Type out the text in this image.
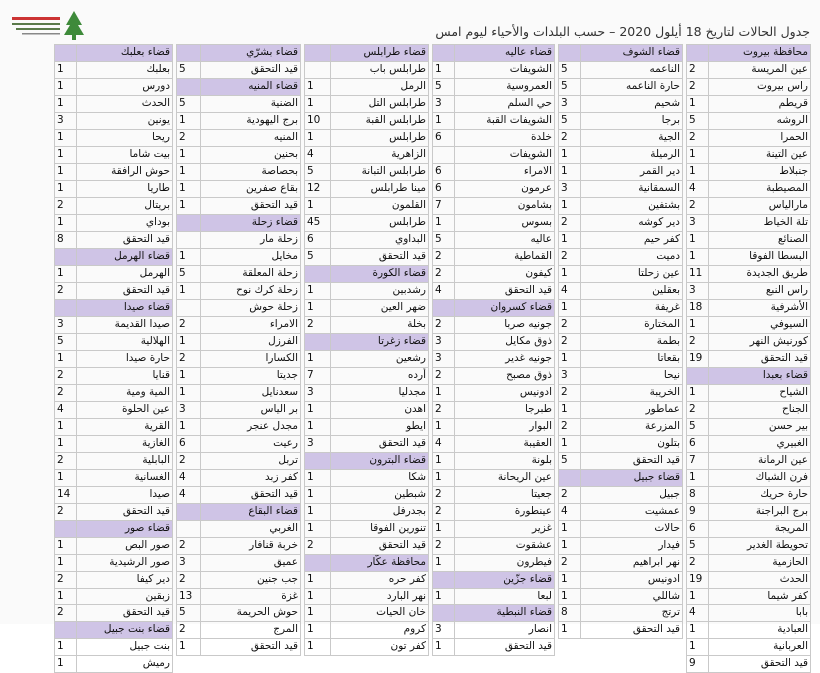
جدول الحالات لتاريخ 18 أيلول 2020 – حسب البلدات والأحياء ليوم امس
	محافظة بيروت
2	عين المريسة
2	راس بيروت
1	قريطم
5	الروشه
2	الحمرا
1	عين التينة
1	جنبلاط
4	المصيطبة
2	مارالياس
3	تلة الخياط
1	الصنائع
1	البسطا الفوقا
11	طريق الجديدة
3	راس النبع
18	الأشرفية
1	السيوفي
2	كورنيش النهر
19	قيد التحقق
	قضاء بعبدا
1	الشياح
2	الجناح
5	بير حسن
6	الغبيري
7	عين الرمانة
1	فرن الشباك
8	حارة حريك
9	برج البراجنة
6	المريجة
5	تحويطة الغدير
2	الحازمية
19	الحدث
1	كفر شيما
4	بابا
1	العبادية
1	العربانية
9	قيد التحقق
	قضاء الشوف
5	الناعمه
5	حارة الناعمه
3	شحيم
5	برجا
2	الجية
1	الرميلة
1	دير القمر
3	السمقانية
1	بشتفين
2	دير كوشه
1	كفر حيم
2	دميت
1	عين زحلتا
4	بعقلين
1	غريفة
2	المختارة
2	بطمة
1	بقعاتا
3	نيحا
2	الخريبة
1	عماطور
2	المزرعة
1	بتلون
5	قيد التحقق
	قضاء جبيل
2	جبيل
4	عمشيت
1	حالات
1	فيدار
2	نهر ابراهيم
1	ادونيس
1	شاللي
8	ترتج
1	قيد التحقق
	قضاء عاليه
1	الشويفات
5	العمروسية
3	حي السلم
1	الشويفات القبة
6	خلدة
	الشويفات
6	الامراء
6	عرمون
7	بشامون
1	بسوس
5	عاليه
2	القماطية
2	كيفون
4	قيد التحقق
	قضاء كسروان
2	جونيه صربا
3	ذوق مكايل
3	جونيه غدير
2	ذوق مصبح
1	ادونيس
2	طبرجا
1	البوار
4	العقيبة
1	بلونة
1	عين الريحانة
2	جعيتا
2	عينطورة
1	غزير
2	عشقوت
1	فيطرون
	قضاء جزّين
1	لبعا
	قضاء النبطية
3	انصار
1	قيد التحقق
	قضاء طرابلس
	طرابلس باب
1	الرمل
1	طرابلس التل
10	طرابلس القبة
1	طرابلس
4	الزاهرية
5	طرابلس التبانة
12	مينا طرابلس
1	القلمون
45	طرابلس
6	البداوي
5	قيد التحقق
	قضاء الكورة
1	رشدبين
1	ضهر العين
2	بخلة
	قضاء زغرتا
1	رشعين
7	أرده
3	مجدليا
1	اهدن
1	ايطو
3	قيد التحقق
	قضاء البترون
1	شكا
1	شبطين
1	بجدرفل
1	تنورين الفوقا
2	قيد التحقق
	محافظة عكّار
1	كفر حره
1	نهر البارد
1	خان الحيات
1	كروم
1	كفر تون
	قضاء بشرّي
5	قيد التحقق
	قضاء المنيه
5	الضنية
1	برج اليهودية
2	المنيه
1	بحنين
1	بحصاصة
1	بقاع صفرين
1	قيد التحقق
	قضاء زحلة
	زحلة مار
1	مخايل
5	زحلة المعلقة
1	زحلة كرك نوح
	زحلة حوش
2	الامراء
1	الفرزل
2	الكسارا
1	جديتا
1	سعدنايل
3	بر الياس
1	مجدل عنجر
6	رعيت
2	تربل
4	كفر زبد
4	قيد التحقق
	قضاء البقاع
	الغربي
2	خربة قنافار
3	عميق
2	جب جنين
13	غزة
5	حوش الحريمة
2	المرج
1	قيد التحقق
	قضاء بعلبك
1	بعلبك
1	دورس
1	الحدث
3	يونين
1	ريحا
1	بيت شاما
1	حوش الرافقة
1	طاريا
2	بريتال
1	بوداي
8	قيد التحقق
	قضاء الهرمل
1	الهرمل
2	قيد التحقق
	قضاء صيدا
3	صيدا القديمة
5	الهلالية
1	حارة صيدا
2	قنايا
2	المية ومية
4	عين الحلوة
1	القرية
1	الغازية
2	البابلية
1	الغسانية
14	صيدا
2	قيد التحقق
	قضاء صور
1	صور البص
1	صور الرشيدية
2	دير كيفا
1	زبقين
2	قيد التحقق
	قضاء بنت جبيل
1	بنت جبيل
1	رميش
